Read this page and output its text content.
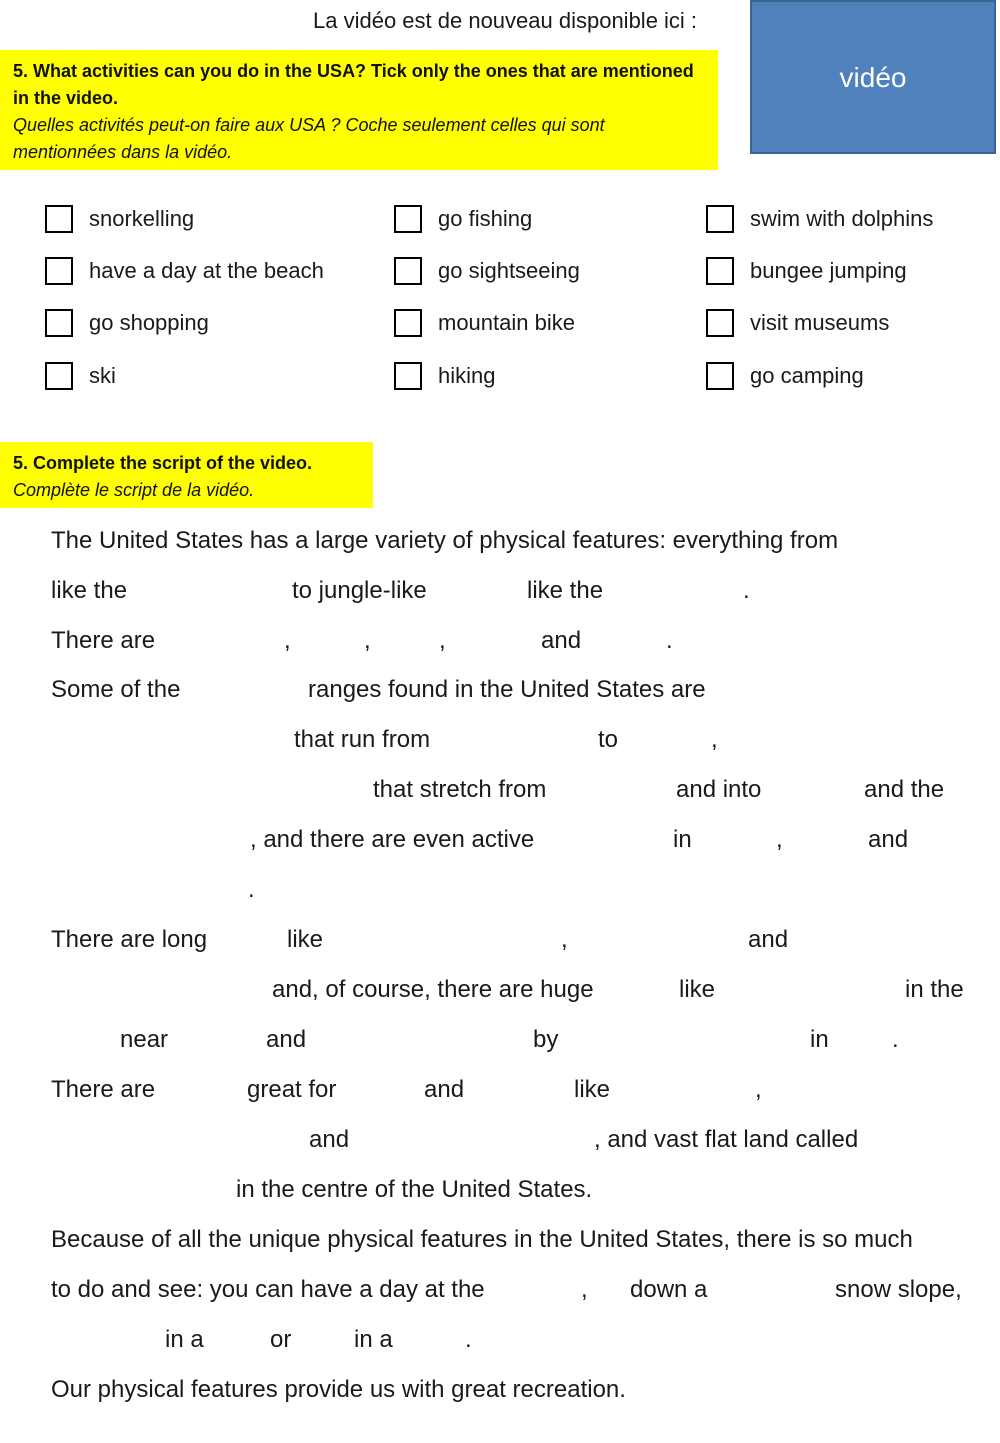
La vidéo est de nouveau disponible ici :
vidéo
5. What activities can you do in the USA? Tick only the ones that are mentioned in the video.
Quelles activités peut-on faire aux USA ? Coche seulement celles qui sont mentionnées dans la vidéo.
snorkelling	go fishing	swim with dolphins
have a day at the beach	go sightseeing	bungee jumping
go shopping	mountain bike	visit museums
ski	hiking	go camping
5. Complete the script of the video.
Complète le script de la vidéo.
The United States has a large variety of physical features: everything from
like the	to jungle-like	like the	.
There are	,	,	,	and	.
Some of the	ranges found in the United States are
that run from	to	,
that stretch from	and into	and the
, and there are even active	in	,	and
.
There are long	like	,	and
and, of course, there are huge	like	in the
near	and	by	in	.
There are	great for	and	like	,
and	, and vast flat land called
in the centre of the United States.
Because of all the unique physical features in the United States, there is so much
to do and see: you can have a day at the	, down a	snow slope,
in a	or	in a	.
Our physical features provide us with great recreation.
